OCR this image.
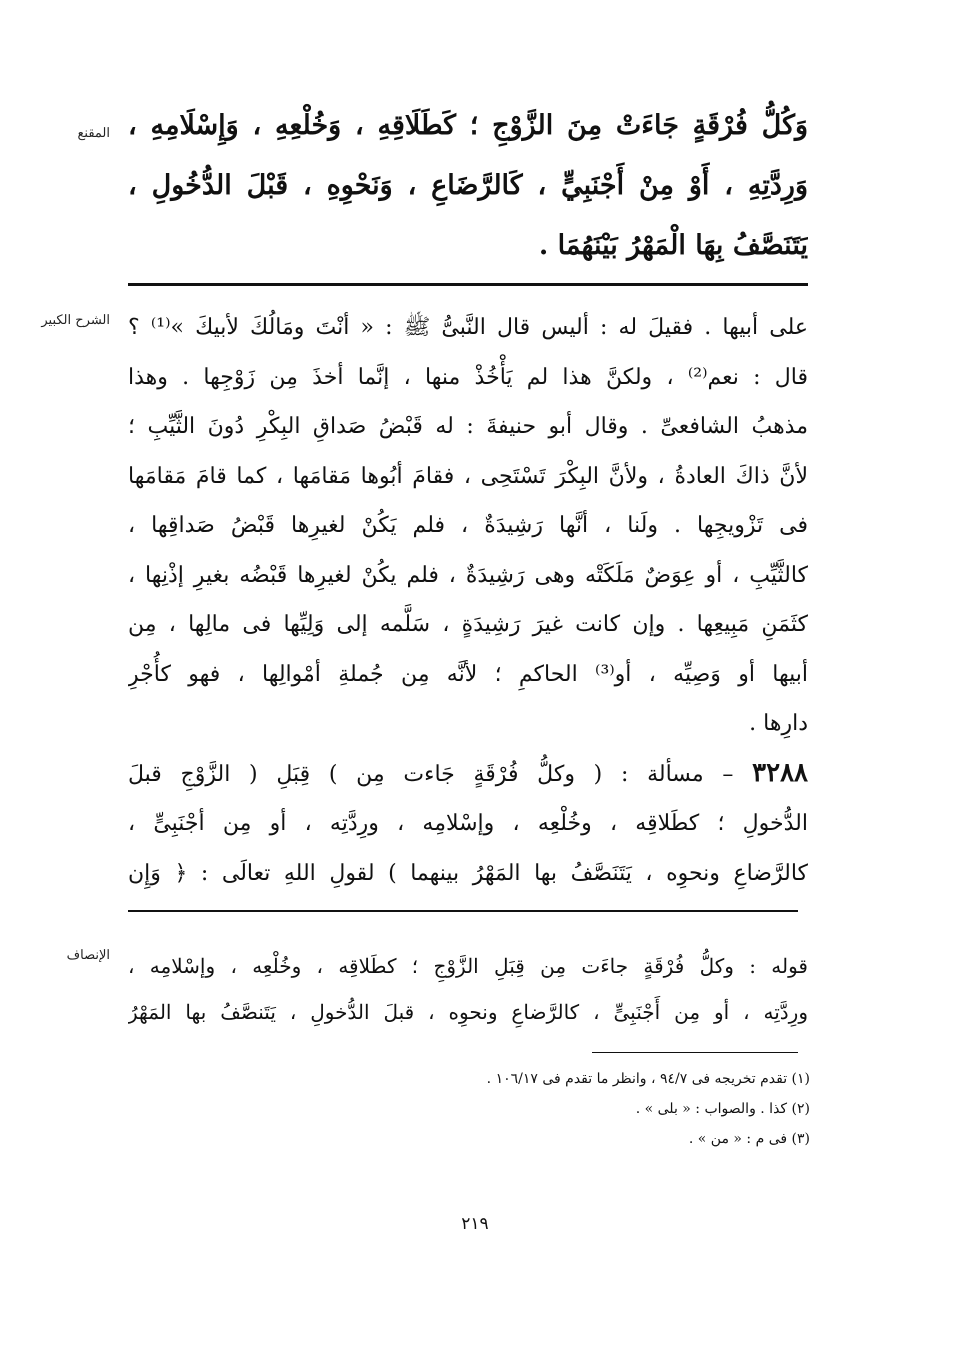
المقنع وَكُلُّ فُرْقَةٍ جَاءَتْ مِنَ الزَّوْجِ ؛ كَطَلَاقِهِ ، وَخُلْعِهِ ، وَإِسْلَامِهِ ،
وَرِدَّتِهِ ، أَوْ مِنْ أَجْنَبِيٍّ ، كَالرَّضَاعِ ، وَنَحْوِهِ ، قَبْلَ الدُّخُولِ ،
يَتَنَصَّفُ بِهَا الْمَهْرُ بَيْنَهُمَا .
الشرح الكبير على أبيها . فقيلَ له : أليس قال النَّبىُّ ﷺ : « أنْتَ ومَالُكَ لأبيكَ »⁽¹⁾ ؟
قال : نعم⁽²⁾ ، ولكنَّ هذا لم يَأْخُذْ منها ، إنَّما أخذَ مِن زَوْجِها . وهذا
مذهبُ الشافعىِّ . وقال أبو حنيفةَ : له قَبْضُ صَداقِ البِكْرِ دُونَ الثَّيِّبِ ؛
لأنَّ ذاكَ العادةُ ، ولأنَّ البِكْرَ تَسْتَحِى ، فقامَ أبُوها مَقامَها ، كما قامَ مَقامَها
فى تَزْويجِها . ولَنا ، أنَّها رَشِيدَةٌ ، فلم يَكُنْ لغيرِها قَبْضُ صَداقِها ،
كالثَّيِّبِ ، أو عِوَضٌ مَلَكَتْه وهى رَشِيدَةٌ ، فلم يكُنْ لغيرِها قَبْضُه بغيرِ إذْنِها ،
كثَمَنِ مَبِيعِها . وإن كانت غيرَ رَشِيدَةٍ ، سَلَّمه إلى وَلِيِّها فى مالِها ، مِن
أبيها أو وَصِيِّه ، أو⁽³⁾ الحاكمِ ؛ لأنَّه مِن جُملةِ أمْوالِها ، فهو كأُجْرِ
دارِها .
٣٢٨٨ – مسألة : ( وكلُّ فُرْقَةٍ جَاءت مِن ) قِبَلِ ( الزَّوْجِ قبلَ
الدُّخولِ ؛ كطَلاقِه ، وخُلْعِه ، وإسْلامِه ، ورِدَّتِه ، أو مِن أجْنَبِىٍّ ،
كالرَّضاعِ ونحوِه ، يَتَنَصَّفُ بها المَهْرُ بينهما ) لقولِ اللهِ تعالَى : ﴿ وَإِن
الإنصاف قوله : وكلُّ فُرْقَةٍ جاءَت مِن قِبَلِ الزَّوْجِ ؛ كطَلاقِه ، وخُلْعِه ، وإسْلامِه ،
ورِدَّتِه ، أو مِن أَجْنَبِىٍّ ، كالرَّضاعِ ونحوِه ، قبلَ الدُّخولِ ، يَتَنصَّفُ بها المَهْرُ
(١) تقدم تخريجه فى ٩٤/٧ ، وانظر ما تقدم فى ١٠٦/١٧ .
(٢) كذا . والصواب : « بلى » .
(٣) فى م : « من » .
٢١٩
